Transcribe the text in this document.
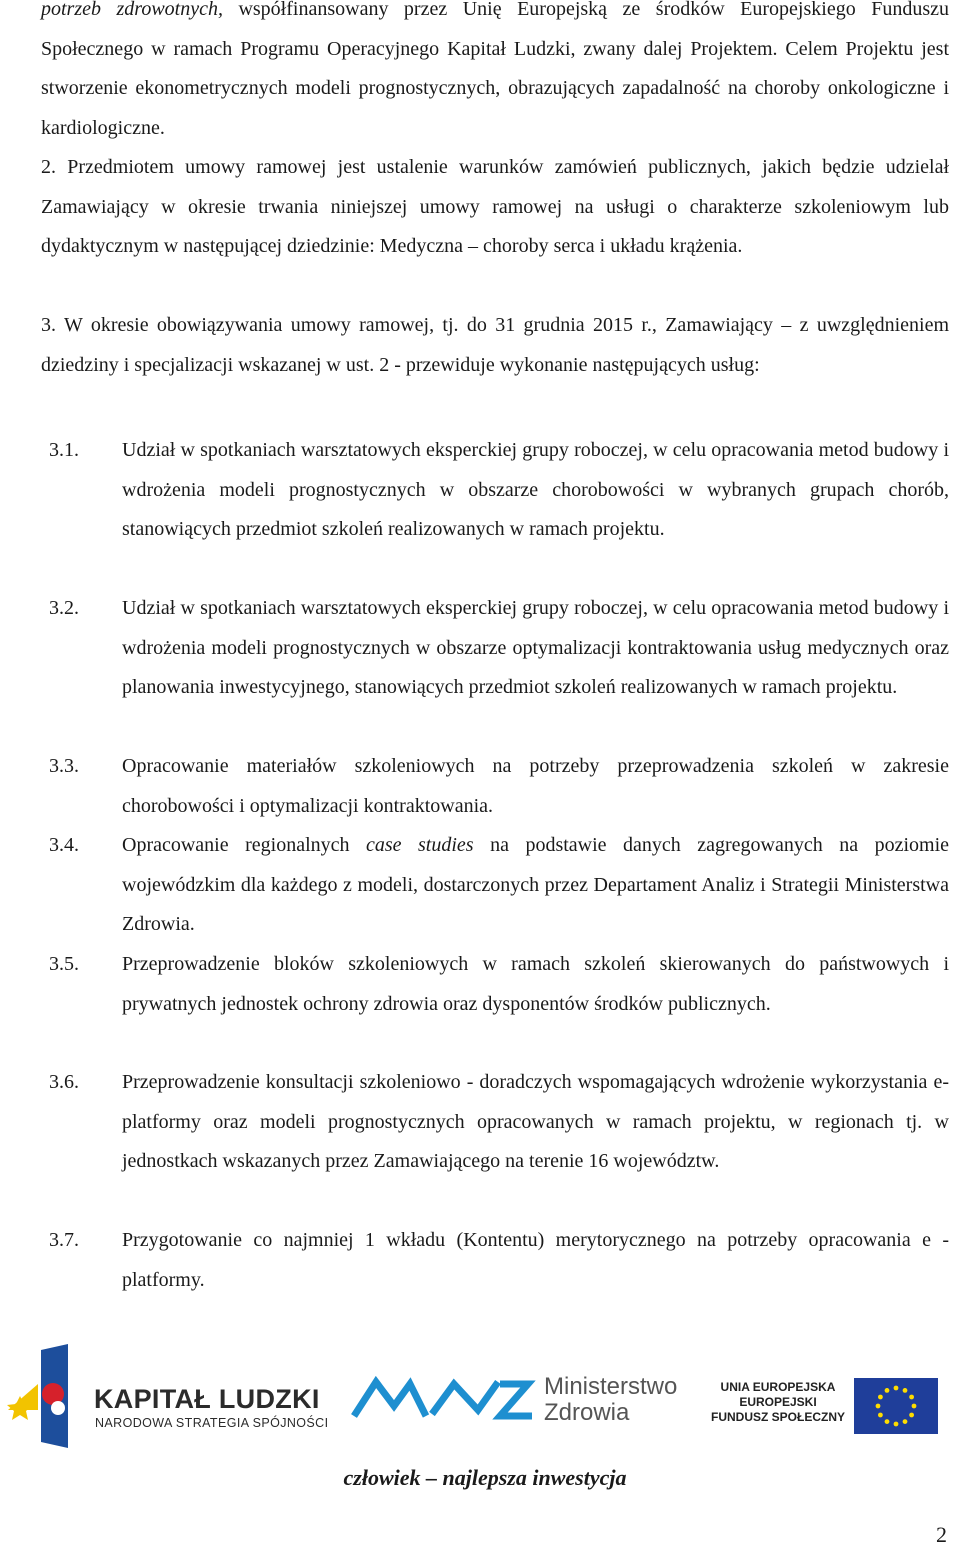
potrzeb zdrowotnych, współfinansowany przez Unię Europejską ze środków Europejskiego Funduszu Społecznego w ramach Programu Operacyjnego Kapitał Ludzki, zwany dalej Projektem. Celem Projektu jest stworzenie ekonometrycznych modeli prognostycznych, obrazujących zapadalność na choroby onkologiczne i kardiologiczne.

2. Przedmiotem umowy ramowej jest ustalenie warunków zamówień publicznych, jakich będzie udzielał Zamawiający w okresie trwania niniejszej umowy ramowej na usługi o charakterze szkoleniowym lub dydaktycznym w następującej dziedzinie: Medyczna – choroby serca i układu krążenia.

3. W okresie obowiązywania umowy ramowej, tj. do 31 grudnia 2015 r., Zamawiający – z uwzględnieniem dziedziny i specjalizacji wskazanej w ust. 2 - przewiduje wykonanie następujących usług:

3.1.	Udział w spotkaniach warsztatowych eksperckiej grupy roboczej, w celu opracowania metod budowy i wdrożenia modeli prognostycznych w obszarze chorobowości w wybranych grupach chorób, stanowiących przedmiot szkoleń realizowanych w ramach projektu.
3.2.	Udział w spotkaniach warsztatowych eksperckiej grupy roboczej, w celu opracowania metod budowy i wdrożenia modeli prognostycznych w obszarze optymalizacji kontraktowania usług medycznych oraz planowania inwestycyjnego, stanowiących przedmiot szkoleń realizowanych w ramach projektu.
3.3.	Opracowanie materiałów szkoleniowych na potrzeby przeprowadzenia szkoleń w zakresie chorobowości i optymalizacji kontraktowania.
3.4.	Opracowanie regionalnych case studies na podstawie danych zagregowanych na poziomie wojewódzkim dla każdego z modeli, dostarczonych przez Departament Analiz i Strategii Ministerstwa Zdrowia.
3.5.	Przeprowadzenie bloków szkoleniowych w ramach szkoleń skierowanych do państwowych i prywatnych jednostek ochrony zdrowia oraz dysponentów środków publicznych.
3.6.	Przeprowadzenie konsultacji szkoleniowo - doradczych wspomagających wdrożenie wykorzystania e-platformy oraz modeli prognostycznych opracowanych w ramach projektu, w regionach tj. w jednostkach wskazanych przez Zamawiającego na terenie 16 województw.
3.7.	Przygotowanie co najmniej 1 wkładu (Kontentu) merytorycznego na potrzeby opracowania e - platformy.
KAPITAŁ LUDZKI
NARODOWA STRATEGIA SPÓJNOŚCI
Ministerstwo
Zdrowia
UNIA EUROPEJSKA
EUROPEJSKI
FUNDUSZ SPOŁECZNY
człowiek – najlepsza inwestycja
2
